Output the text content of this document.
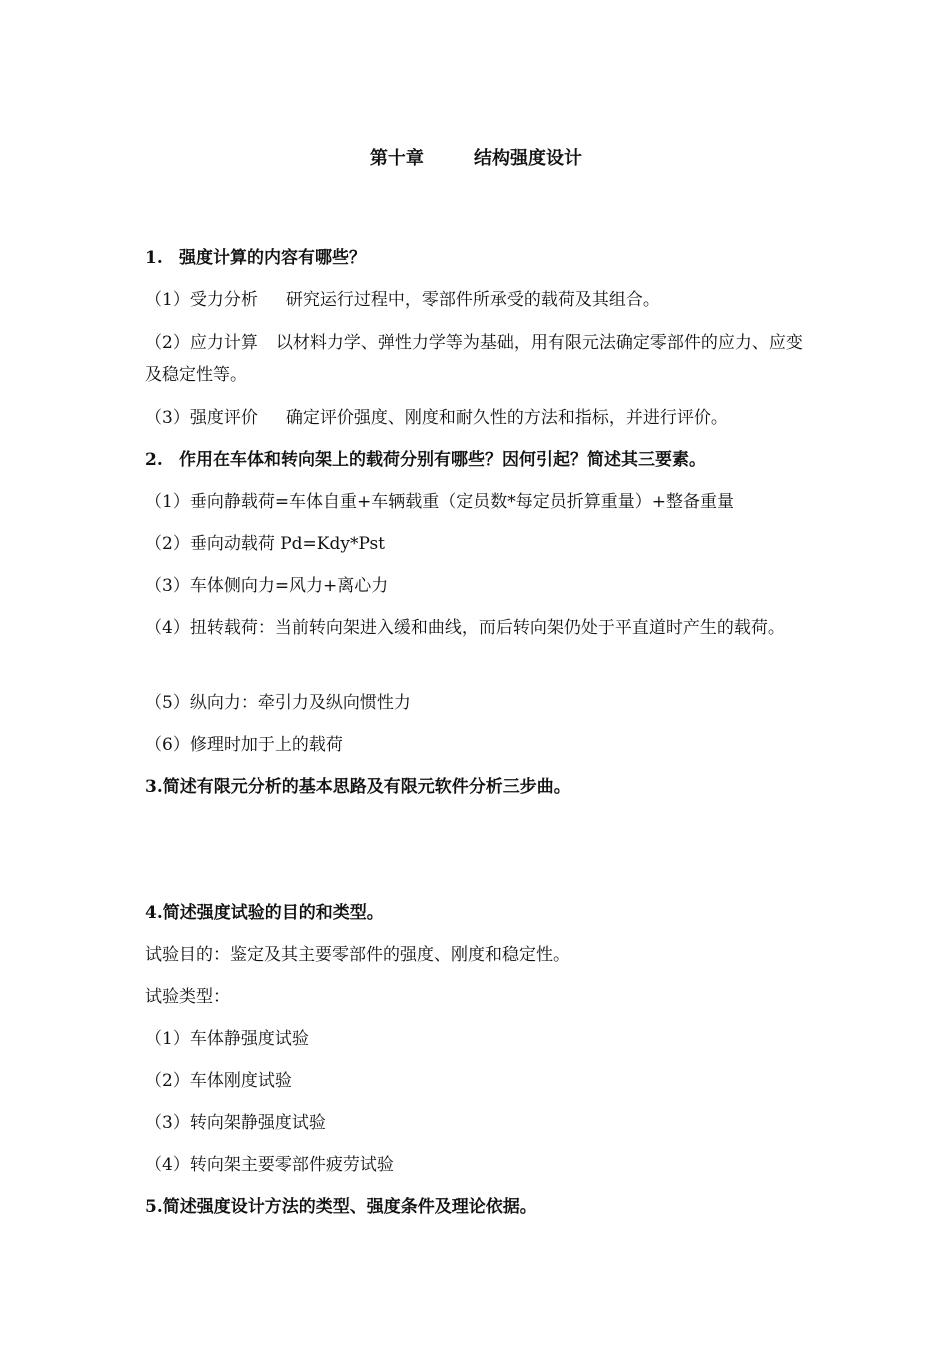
第十章        结构强度设计
1. 强度计算的内容有哪些？
（1）受力分析 研究运行过程中，零部件所承受的载荷及其组合。
（2）应力计算 以材料力学、弹性力学等为基础，用有限元法确定零部件的应力、应变及稳定性等。
（3）强度评价 确定评价强度、刚度和耐久性的方法和指标，并进行评价。
2. 作用在车体和转向架上的载荷分别有哪些？因何引起？简述其三要素。
（1）垂向静载荷=车体自重+车辆载重（定员数*每定员折算重量）+整备重量
（2）垂向动载荷 Pd=Kdy*Pst
（3）车体侧向力=风力+离心力
（4）扭转载荷：当前转向架进入缓和曲线，而后转向架仍处于平直道时产生的载荷。
（5）纵向力：牵引力及纵向惯性力
（6）修理时加于上的载荷
3.简述有限元分析的基本思路及有限元软件分析三步曲。
4.简述强度试验的目的和类型。
试验目的：鉴定及其主要零部件的强度、刚度和稳定性。
试验类型：
（1）车体静强度试验
（2）车体刚度试验
（3）转向架静强度试验
（4）转向架主要零部件疲劳试验
5.简述强度设计方法的类型、强度条件及理论依据。
